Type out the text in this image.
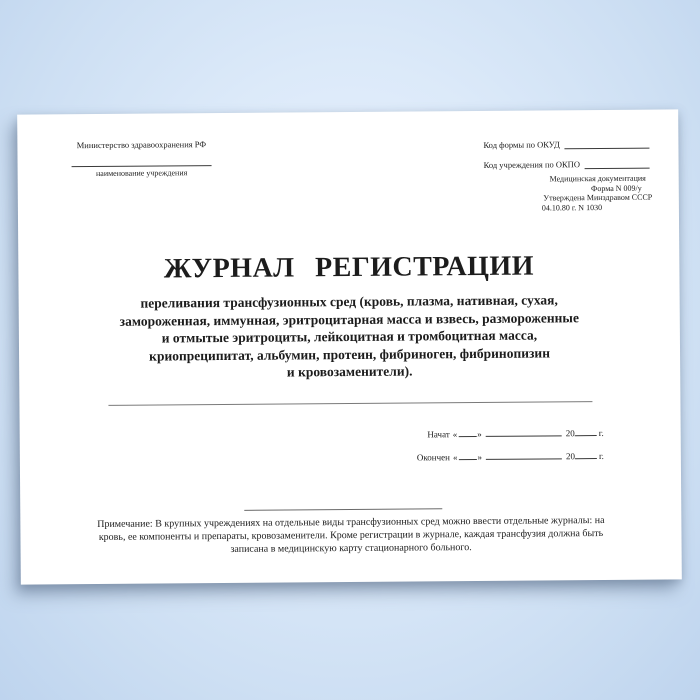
Министерство здравоохранения РФ
наименование учреждения
Код формы по ОКУД
Код учреждения по ОКПО
Медицинская документация
Форма N 009/у
Утверждена Минздравом СССР
04.10.80 г. N 1030
ЖУРНАЛ РЕГИСТРАЦИИ
переливания трансфузионных сред (кровь, плазма, нативная, сухая,
замороженная, иммунная, эритроцитарная масса и взвесь, размороженные
и отмытые эритроциты, лейкоцитная и тромбоцитная масса,
криопреципитат, альбумин, протеин, фибриноген, фибринопизин
и кровозаменители).
Начат « »	20	г.
Окончен « »	20	г.
Примечание: В крупных учреждениях на отдельные виды трансфузионных сред можно ввести отдельные журналы: на
кровь, ее компоненты и препараты, кровозаменители. Кроме регистрации в журнале, каждая трансфузия должна быть
записана в медицинскую карту стационарного больного.
